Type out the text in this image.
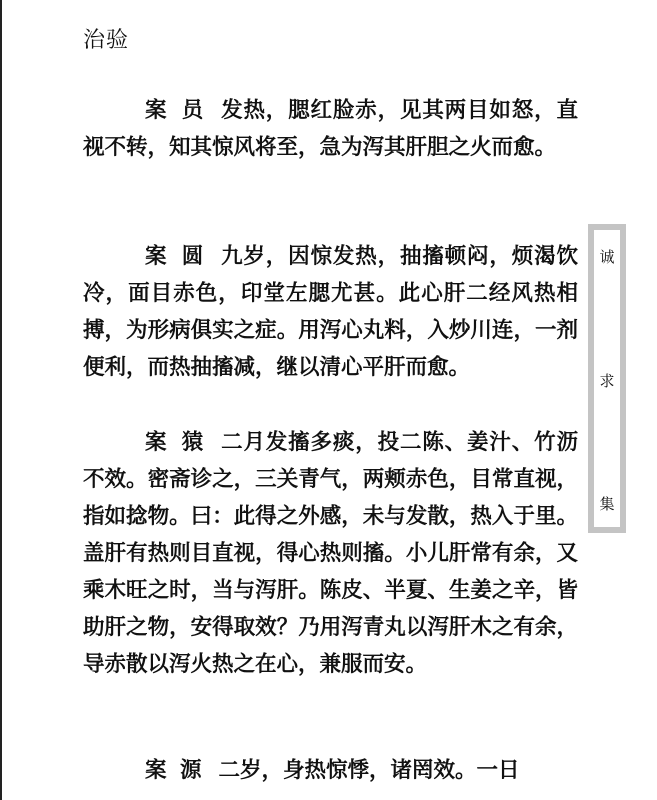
治验

案 员 发热，腮红脸赤，见其两目如怒，直视不转，知其惊风将至，急为泻其肝胆之火而愈。

案 圆 九岁，因惊发热，抽搐顿闷，烦渴饮冷，面目赤色，印堂左腮尤甚。此心肝二经风热相搏，为形病俱实之症。用泻心丸料，入炒川连，一剂便利，而热抽搐减，继以清心平肝而愈。

案 猿 二月发搐多痰，投二陈、姜汁、竹沥不效。密斋诊之，三关青气，两颊赤色，目常直视，指如捻物。曰：此得之外感，未与发散，热入于里。盖肝有热则目直视，得心热则搐。小儿肝常有余，又乘木旺之时，当与泻肝。陈皮、半夏、生姜之辛，皆助肝之物，安得取效？乃用泻青丸以泻肝木之有余，导赤散以泻火热之在心，兼服而安。

案 源 二岁，身热惊悸，诸罔效。一日

诚
求
集
